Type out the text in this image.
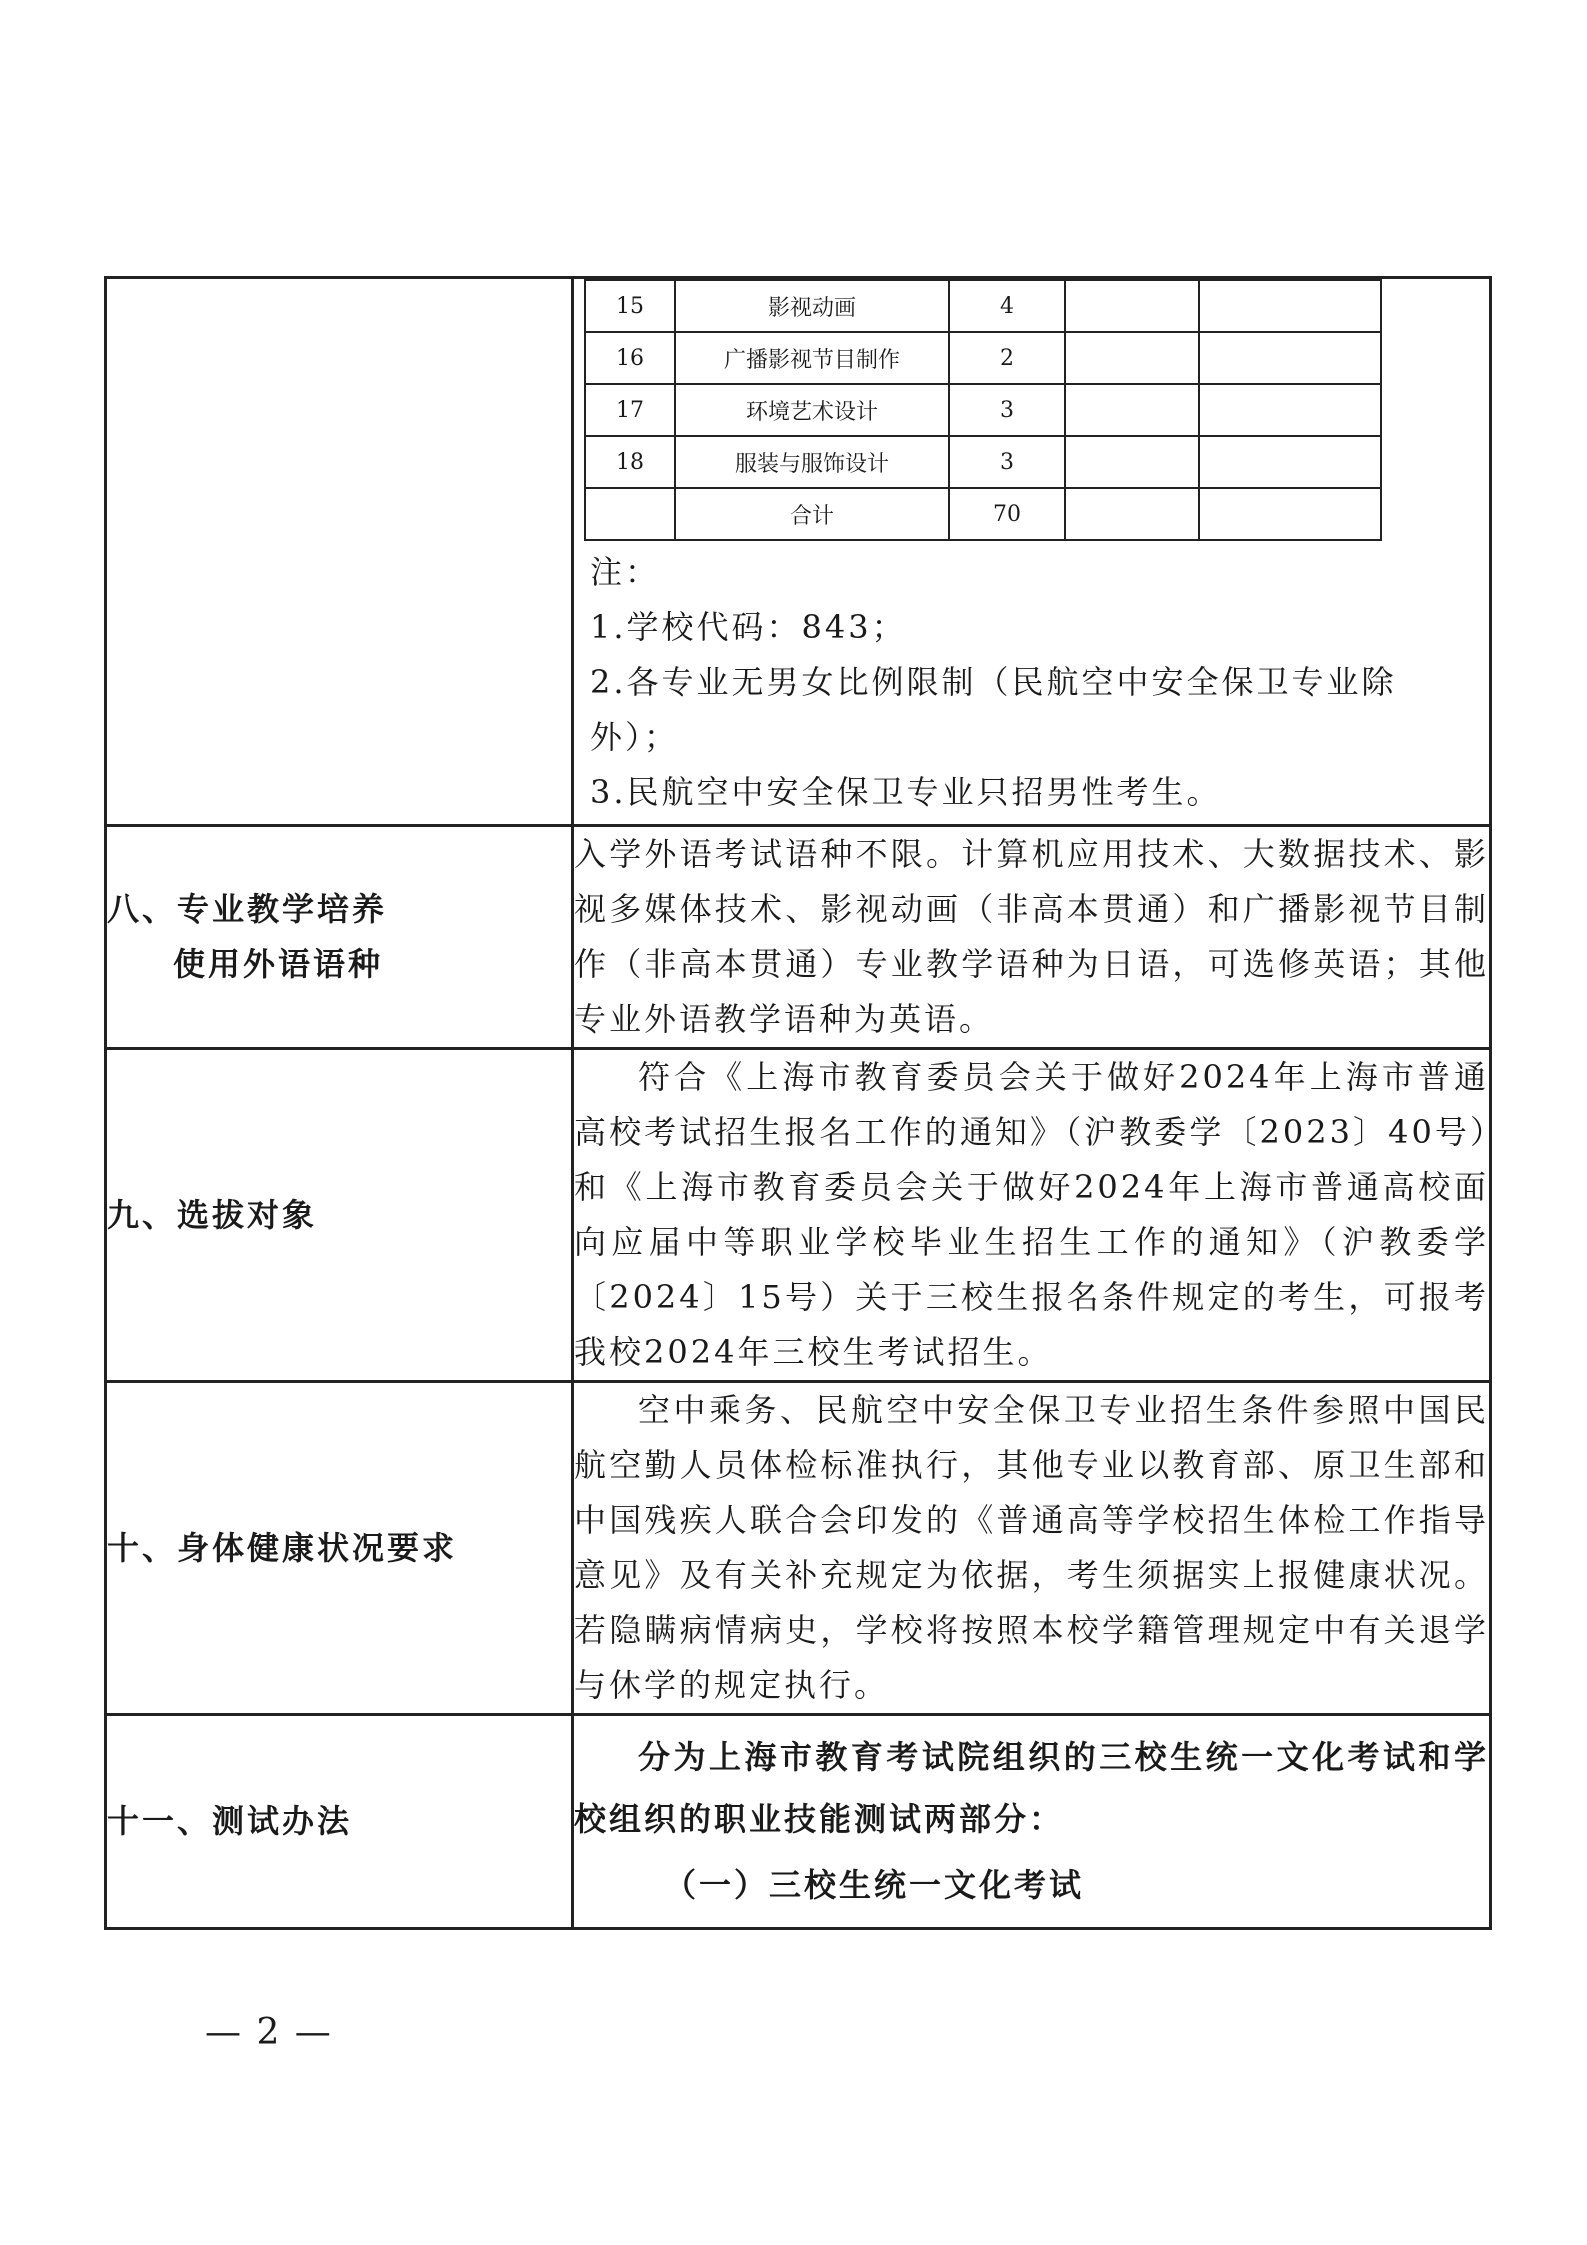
15	影视动画	4		
16	广播影视节目制作	2		
17	环境艺术设计	3		
18	服装与服饰设计	3		
	合计	70		

注：

1.学校代码：843；

2.各专业无男女比例限制（民航空中安全保卫专业除外）；

3.民航空中安全保卫专业只招男性考生。

八、专业教学培养
使用外语语种

入学外语考试语种不限。计算机应用技术、大数据技术、影视多媒体技术、影视动画（非高本贯通）和广播影视节目制作（非高本贯通）专业教学语种为日语，可选修英语；其他专业外语教学语种为英语。

九、选拔对象	

符合《上海市教育委员会关于做好2024年上海市普通高校考试招生报名工作的通知》（沪教委学〔2023〕40号）和《上海市教育委员会关于做好2024年上海市普通高校面向应届中等职业学校毕业生招生工作的通知》（沪教委学〔2024〕15号）关于三校生报名条件规定的考生，可报考我校2024年三校生考试招生。

十、身体健康状况要求	

空中乘务、民航空中安全保卫专业招生条件参照中国民航空勤人员体检标准执行，其他专业以教育部、原卫生部和中国残疾人联合会印发的《普通高等学校招生体检工作指导意见》及有关补充规定为依据，考生须据实上报健康状况。若隐瞒病情病史，学校将按照本校学籍管理规定中有关退学与休学的规定执行。

十一、测试办法	

分为上海市教育考试院组织的三校生统一文化考试和学校组织的职业技能测试两部分：

（一）三校生统一文化考试

— 2 —
